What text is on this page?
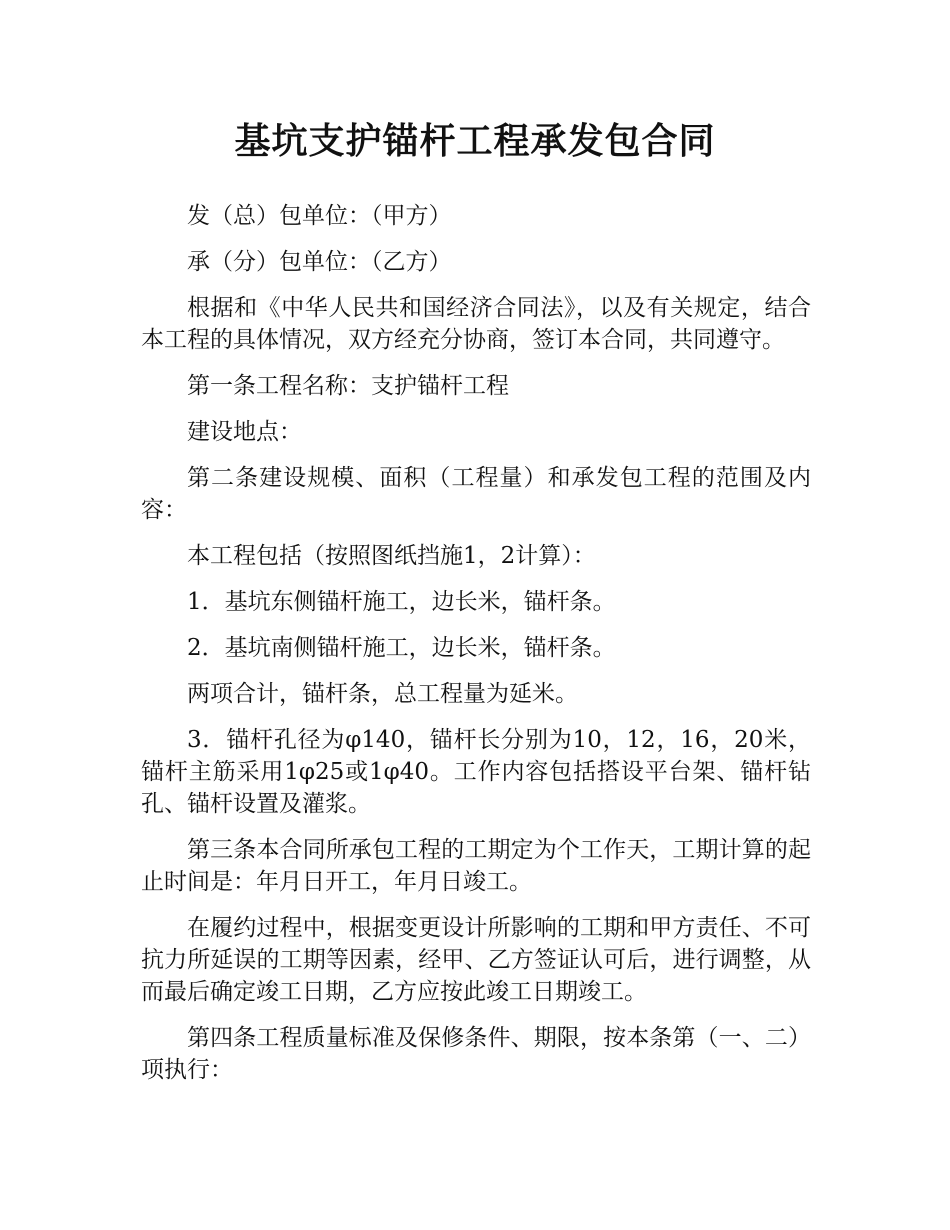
基坑支护锚杆工程承发包合同

发（总）包单位：（甲方）

承（分）包单位：（乙方）

根据和《中华人民共和国经济合同法》，以及有关规定，结合本工程的具体情况，双方经充分协商，签订本合同，共同遵守。

第一条工程名称：支护锚杆工程

建设地点：

第二条建设规模、面积（工程量）和承发包工程的范围及内容：

本工程包括（按照图纸挡施1，2计算）：

1．基坑东侧锚杆施工，边长米，锚杆条。

2．基坑南侧锚杆施工，边长米，锚杆条。

两项合计，锚杆条，总工程量为延米。

3．锚杆孔径为φ140，锚杆长分别为10，12，16，20米，锚杆主筋采用1φ25或1φ40。工作内容包括搭设平台架、锚杆钻孔、锚杆设置及灌浆。

第三条本合同所承包工程的工期定为个工作天，工期计算的起止时间是：年月日开工，年月日竣工。

在履约过程中，根据变更设计所影响的工期和甲方责任、不可抗力所延误的工期等因素，经甲、乙方签证认可后，进行调整，从而最后确定竣工日期，乙方应按此竣工日期竣工。

第四条工程质量标准及保修条件、期限，按本条第（一、二）项执行：
